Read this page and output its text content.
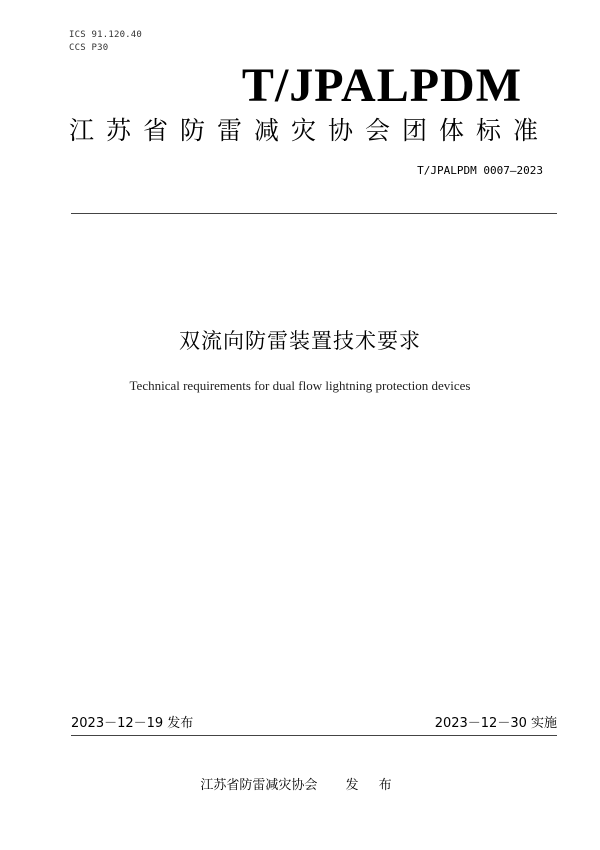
ICS 91.120.40
CCS P30
T/JPALPDM
江苏省防雷减灾协会团体标准
T/JPALPDM 0007—2023
双流向防雷装置技术要求
Technical requirements for dual flow lightning protection devices
2023－12－19 发布	2023－12－30 实施
江苏省防雷减灾协会 发 布
